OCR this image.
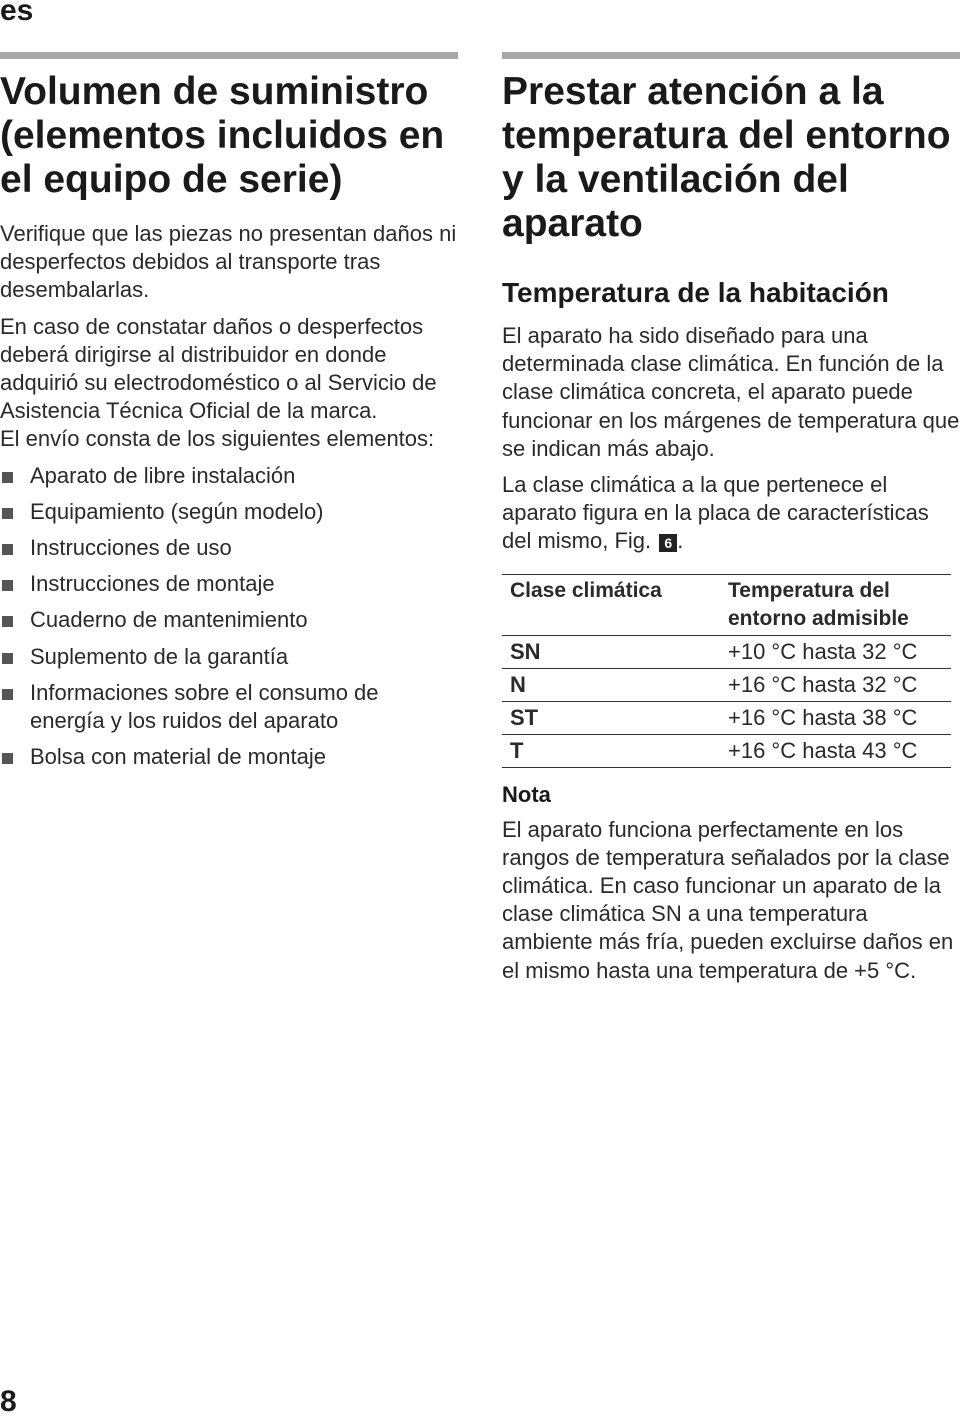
es
Volumen de suministro (elementos incluidos en el equipo de serie)

Verifique que las piezas no presentan daños ni desperfectos debidos al transporte tras desembalarlas.

En caso de constatar daños o desperfectos deberá dirigirse al distribuidor en donde adquirió su electrodoméstico o al Servicio de Asistencia Técnica Oficial de la marca.

El envío consta de los siguientes elementos:

Aparato de libre instalación
Equipamiento (según modelo)
Instrucciones de uso
Instrucciones de montaje
Cuaderno de mantenimiento
Suplemento de la garantía
Informaciones sobre el consumo de energía y los ruidos del aparato
Bolsa con material de montaje
Prestar atención a la temperatura del entorno y la ventilación del aparato
Temperatura de la habitación

El aparato ha sido diseñado para una determinada clase climática. En función de la clase climática concreta, el aparato puede funcionar en los márgenes de temperatura que se indican más abajo.

La clase climática a la que pertenece el aparato figura en la placa de características del mismo, Fig. 6 .

Clase climática	Temperatura del entorno admisible
SN	+10 °C hasta 32 °C
N	+16 °C hasta 32 °C
ST	+16 °C hasta 38 °C
T	+16 °C hasta 43 °C
Nota

El aparato funciona perfectamente en los rangos de temperatura señalados por la clase climática. En caso funcionar un aparato de la clase climática SN a una temperatura ambiente más fría, pueden excluirse daños en el mismo hasta una temperatura de +5 °C.

8
